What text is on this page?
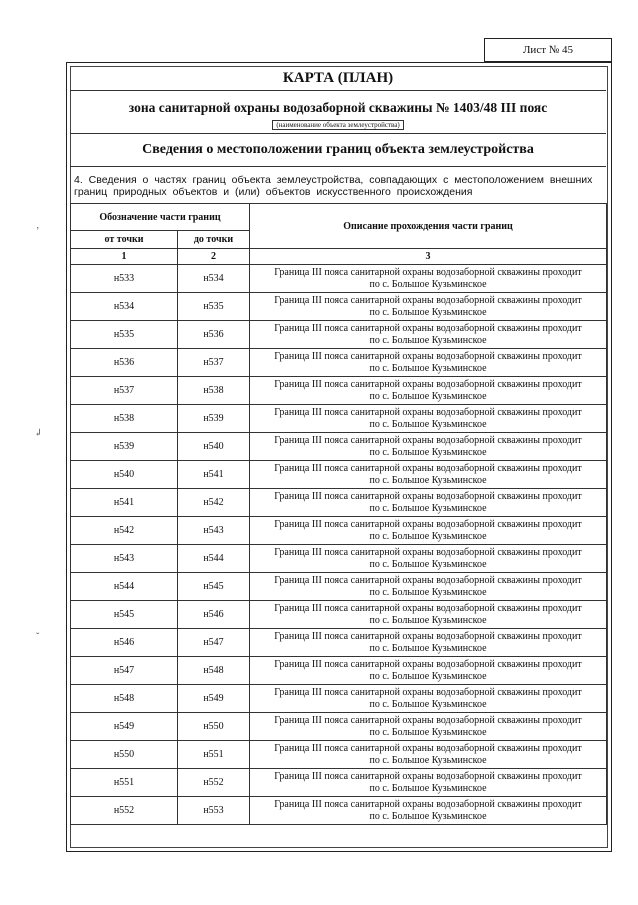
Лист № 45
КАРТА (ПЛАН)
зона санитарной охраны водозаборной скважины № 1403/48 III пояс
(наименование объекта землеустройства)
Сведения о местоположении границ объекта землеустройства
4. Сведения о частях границ объекта землеустройства, совпадающих с местоположением внешних
границ природных объектов и (или) объектов искусственного происхождения
Обозначение части границ		Описание прохождения части границ
от точки	до точки	
1	2	3
н533	н534	Граница III пояса санитарной охраны водозаборной скважины проходит
по с. Большое Кузьминское

н534	н535	Граница III пояса санитарной охраны водозаборной скважины проходит
по с. Большое Кузьминское

н535	н536	Граница III пояса санитарной охраны водозаборной скважины проходит
по с. Большое Кузьминское

н536	н537	Граница III пояса санитарной охраны водозаборной скважины проходит
по с. Большое Кузьминское

н537	н538	Граница III пояса санитарной охраны водозаборной скважины проходит
по с. Большое Кузьминское

н538	н539	Граница III пояса санитарной охраны водозаборной скважины проходит
по с. Большое Кузьминское

н539	н540	Граница III пояса санитарной охраны водозаборной скважины проходит
по с. Большое Кузьминское

н540	н541	Граница III пояса санитарной охраны водозаборной скважины проходит
по с. Большое Кузьминское

н541	н542	Граница III пояса санитарной охраны водозаборной скважины проходит
по с. Большое Кузьминское

н542	н543	Граница III пояса санитарной охраны водозаборной скважины проходит
по с. Большое Кузьминское

н543	н544	Граница III пояса санитарной охраны водозаборной скважины проходит
по с. Большое Кузьминское

н544	н545	Граница III пояса санитарной охраны водозаборной скважины проходит
по с. Большое Кузьминское

н545	н546	Граница III пояса санитарной охраны водозаборной скважины проходит
по с. Большое Кузьминское

н546	н547	Граница III пояса санитарной охраны водозаборной скважины проходит
по с. Большое Кузьминское

н547	н548	Граница III пояса санитарной охраны водозаборной скважины проходит
по с. Большое Кузьминское

н548	н549	Граница III пояса санитарной охраны водозаборной скважины проходит
по с. Большое Кузьминское

н549	н550	Граница III пояса санитарной охраны водозаборной скважины проходит
по с. Большое Кузьминское

н550	н551	Граница III пояса санитарной охраны водозаборной скважины проходит
по с. Большое Кузьминское

н551	н552	Граница III пояса санитарной охраны водозаборной скважины проходит
по с. Большое Кузьминское

н552	н553	Граница III пояса санитарной охраны водозаборной скважины проходит
по с. Большое Кузьминское
’
↲
ˇ
